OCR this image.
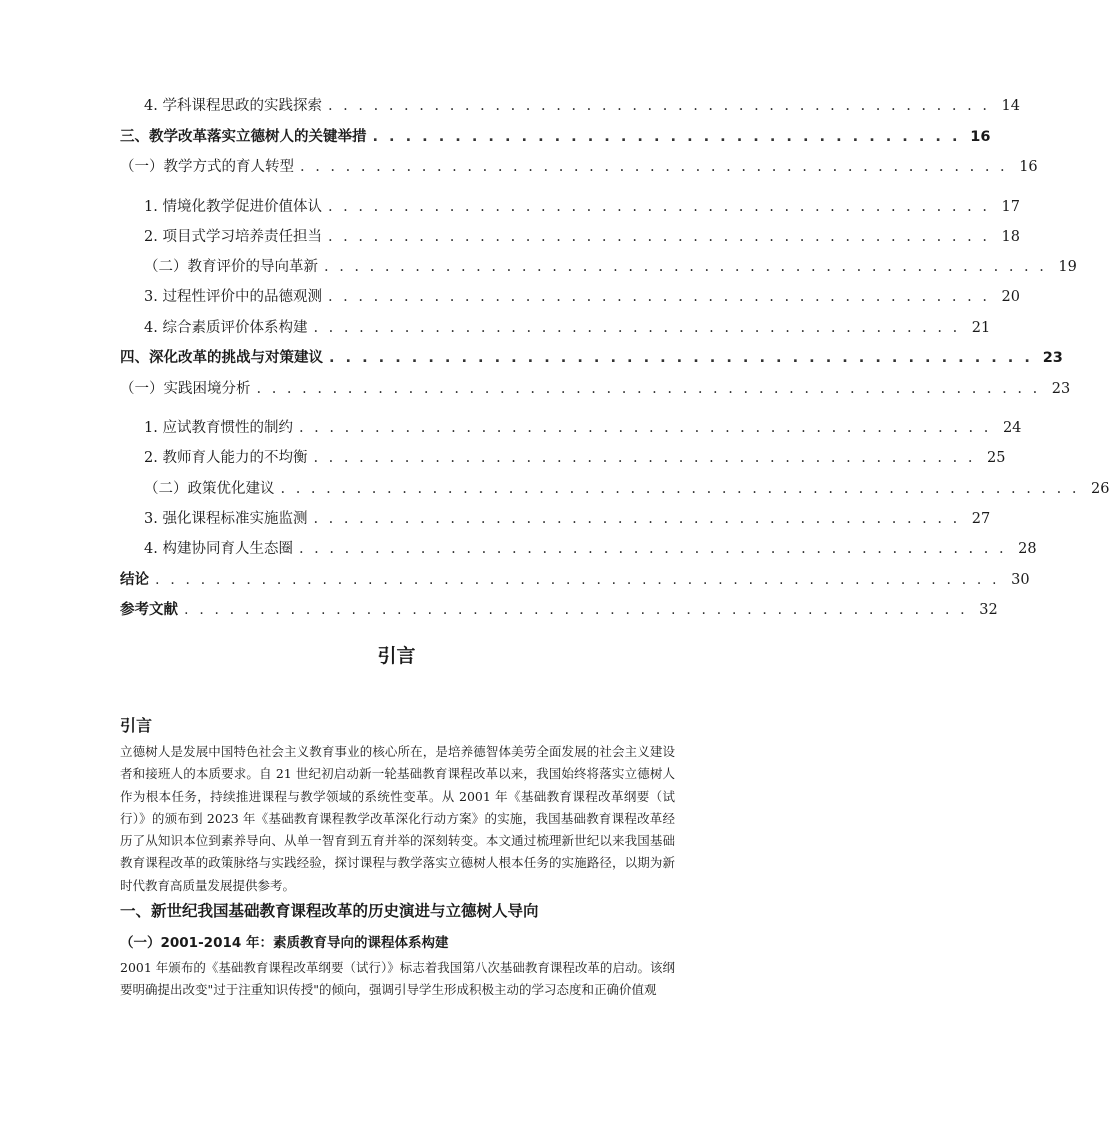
4. 学科课程思政的实践探索 . . . . . . . . . . . . . . . . . . . . . . . . . . . . . . . . . . . . . . . . . . . . 14
三、教学改革落实立德树人的关键举措 . . . . . . . . . . . . . . . . . . . . . . . . . . . . . . . . . . . . 16
（一）教学方式的育人转型 . . . . . . . . . . . . . . . . . . . . . . . . . . . . . . . . . . . . . . . . . . . . . . . 16
1. 情境化教学促进价值体认 . . . . . . . . . . . . . . . . . . . . . . . . . . . . . . . . . . . . . . . . . . . . 17
2. 项目式学习培养责任担当 . . . . . . . . . . . . . . . . . . . . . . . . . . . . . . . . . . . . . . . . . . . . 18
（二）教育评价的导向革新 . . . . . . . . . . . . . . . . . . . . . . . . . . . . . . . . . . . . . . . . . . . . . . . . 19
3. 过程性评价中的品德观测 . . . . . . . . . . . . . . . . . . . . . . . . . . . . . . . . . . . . . . . . . . . . 20
4. 综合素质评价体系构建 . . . . . . . . . . . . . . . . . . . . . . . . . . . . . . . . . . . . . . . . . . . 21
四、深化改革的挑战与对策建议 . . . . . . . . . . . . . . . . . . . . . . . . . . . . . . . . . . . . . . . . . . . 23
（一）实践困境分析 . . . . . . . . . . . . . . . . . . . . . . . . . . . . . . . . . . . . . . . . . . . . . . . . . . . . 23
1. 应试教育惯性的制约 . . . . . . . . . . . . . . . . . . . . . . . . . . . . . . . . . . . . . . . . . . . . . . 24
2. 教师育人能力的不均衡 . . . . . . . . . . . . . . . . . . . . . . . . . . . . . . . . . . . . . . . . . . . . 25
（二）政策优化建议 . . . . . . . . . . . . . . . . . . . . . . . . . . . . . . . . . . . . . . . . . . . . . . . . . . . . . 26
3. 强化课程标准实施监测 . . . . . . . . . . . . . . . . . . . . . . . . . . . . . . . . . . . . . . . . . . . 27
4. 构建协同育人生态圈 . . . . . . . . . . . . . . . . . . . . . . . . . . . . . . . . . . . . . . . . . . . . . . . 28
结论 . . . . . . . . . . . . . . . . . . . . . . . . . . . . . . . . . . . . . . . . . . . . . . . . . . . . . . . . 30
参考文献 . . . . . . . . . . . . . . . . . . . . . . . . . . . . . . . . . . . . . . . . . . . . . . . . . . . . 32
引言
引言
立德树人是发展中国特色社会主义教育事业的核心所在，是培养德智体美劳全面发展的社会主义建设者和接班人的本质要求。自 21 世纪初启动新一轮基础教育课程改革以来，我国始终将落实立德树人作为根本任务，持续推进课程与教学领域的系统性变革。从 2001 年《基础教育课程改革纲要（试行）》的颁布到 2023 年《基础教育课程教学改革深化行动方案》的实施，我国基础教育课程改革经历了从知识本位到素养导向、从单一智育到五育并举的深刻转变。本文通过梳理新世纪以来我国基础教育课程改革的政策脉络与实践经验，探讨课程与教学落实立德树人根本任务的实施路径，以期为新时代教育高质量发展提供参考。
一、新世纪我国基础教育课程改革的历史演进与立德树人导向
（一）2001-2014 年：素质教育导向的课程体系构建
2001 年颁布的《基础教育课程改革纲要（试行）》标志着我国第八次基础教育课程改革的启动。该纲要明确提出改变"过于注重知识传授"的倾向，强调引导学生形成积极主动的学习态度和正确价值观
